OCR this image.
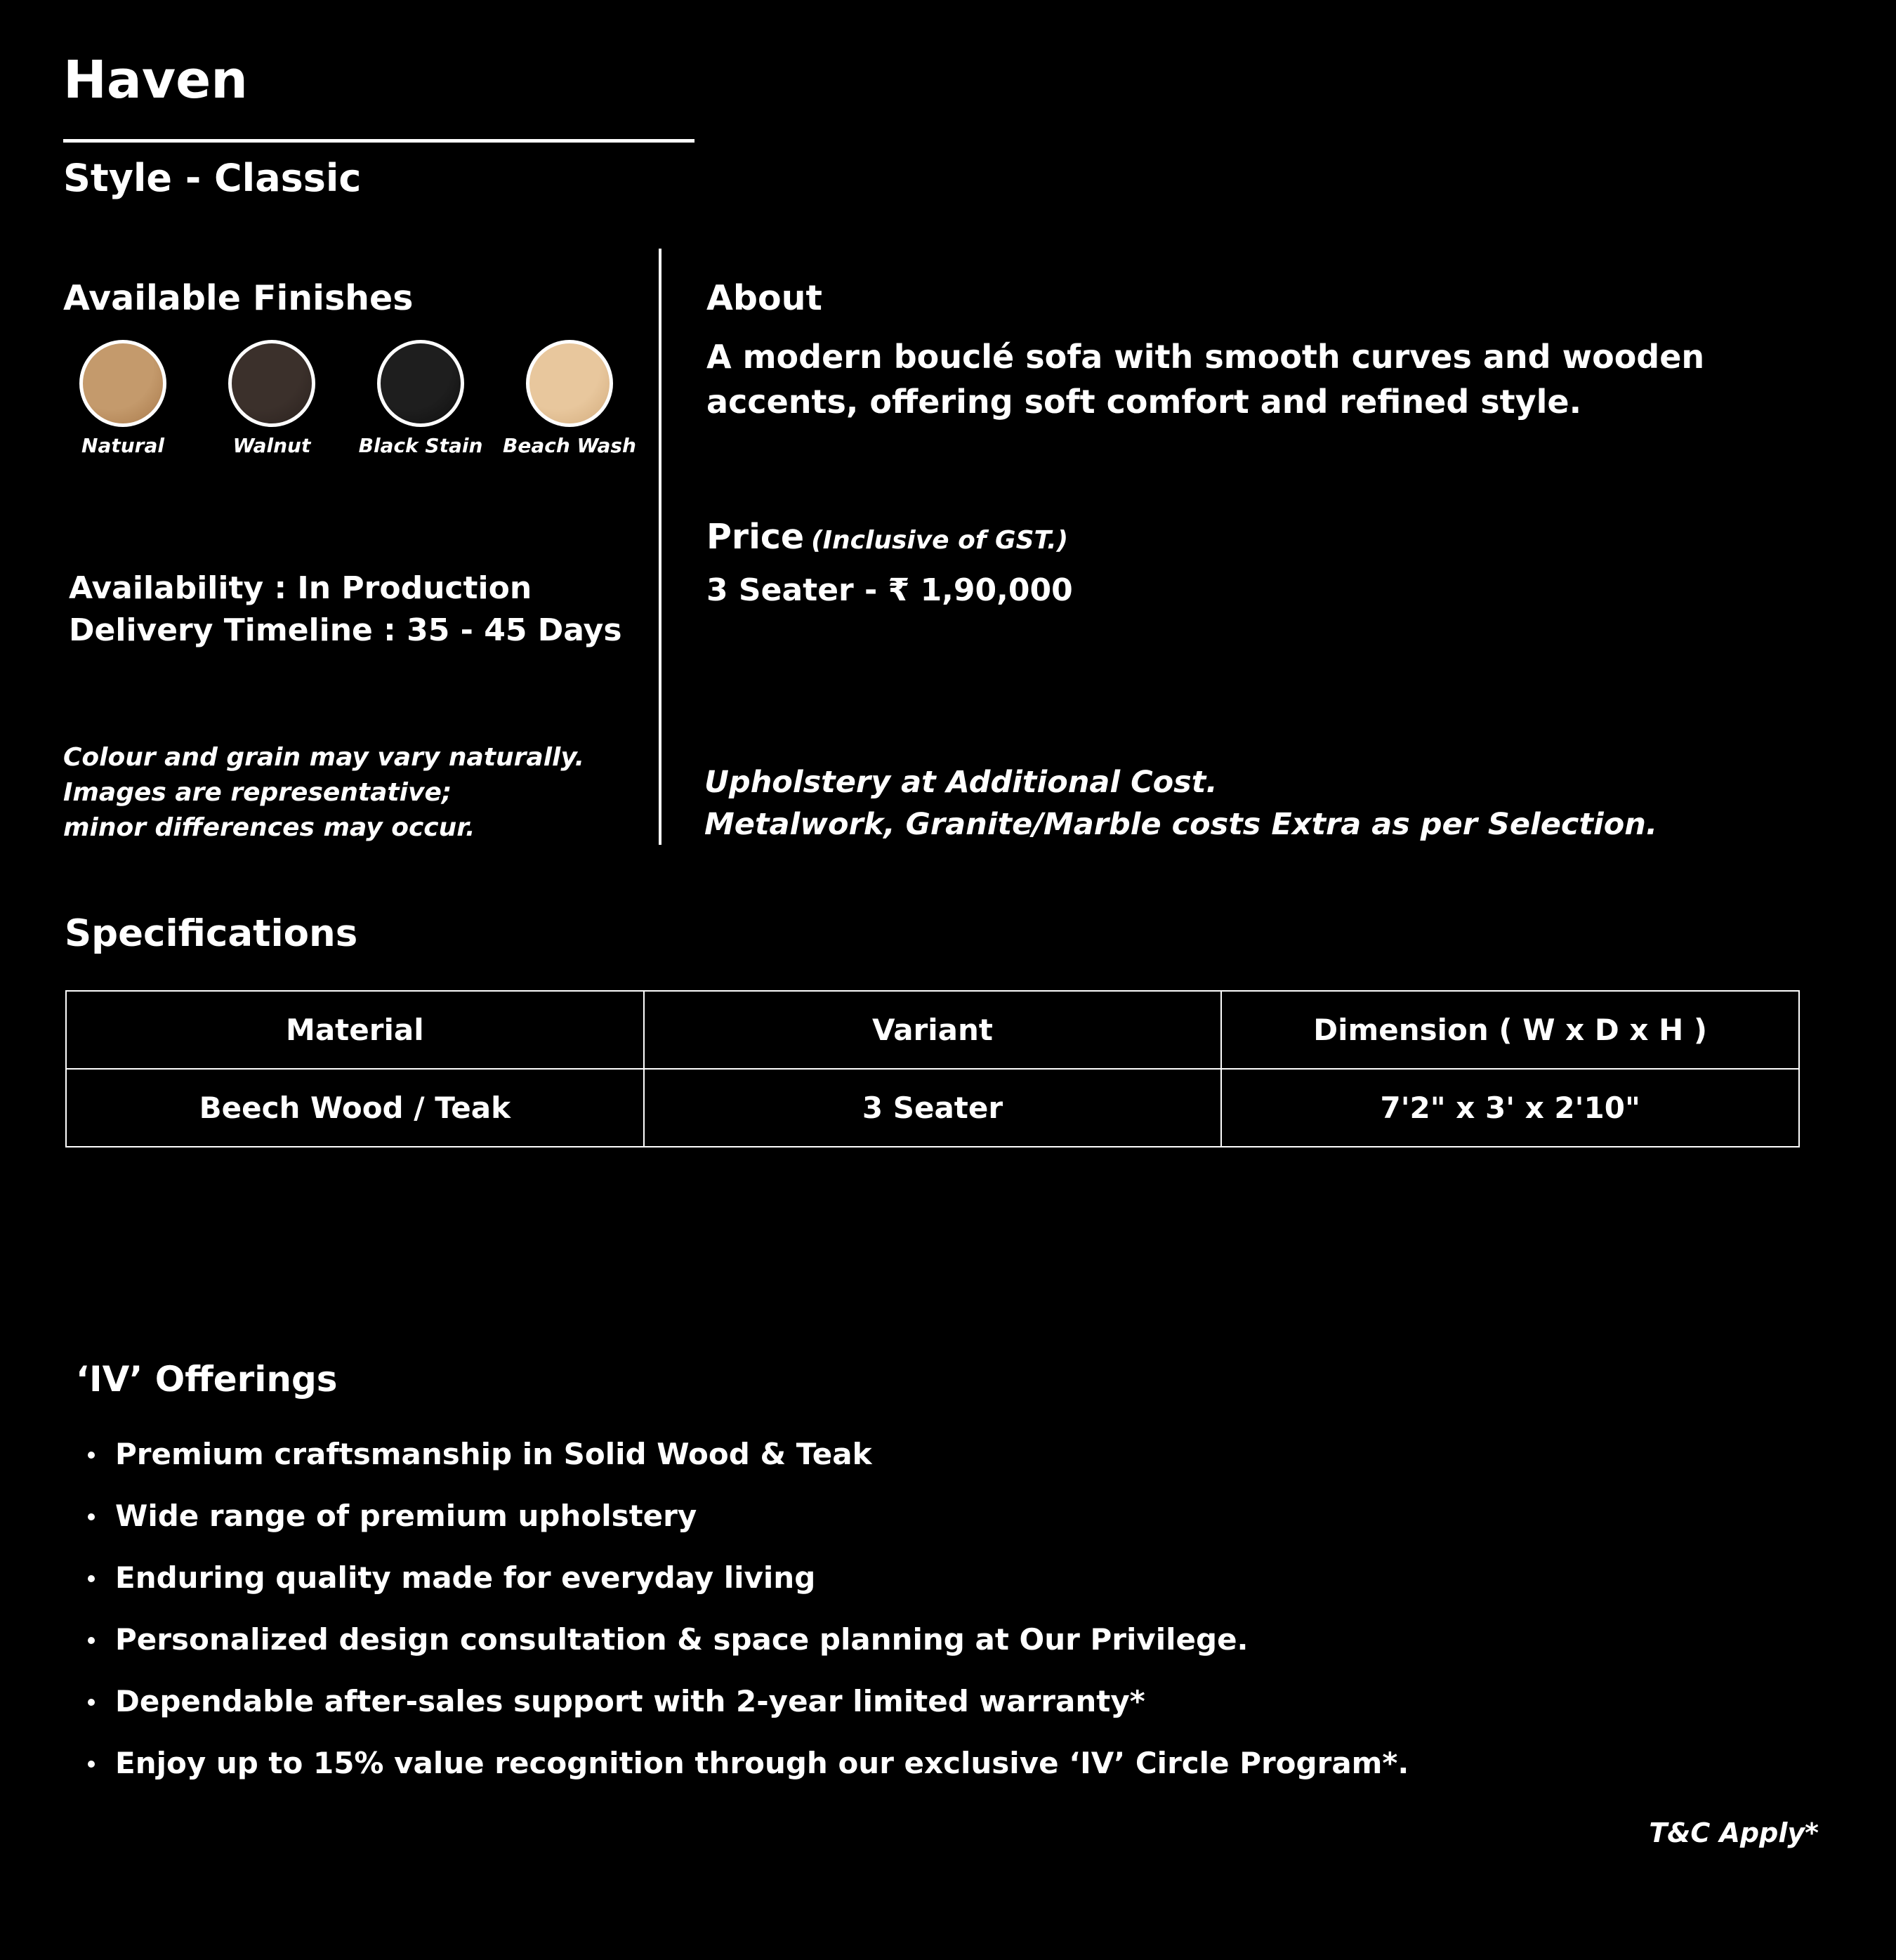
Haven
Style - Classic
Available Finishes
Natural	Walnut	Black Stain	Beach Wash
Availability : In Production
Delivery Timeline : 35 - 45 Days
Colour and grain may vary naturally.
Images are representative;
minor differences may occur.
About
A modern bouclé sofa with smooth curves and wooden accents, offering soft comfort and refined style.
Price (Inclusive of GST.)
3 Seater - ₹ 1,90,000
Upholstery at Additional Cost.
Metalwork, Granite/Marble costs Extra as per Selection.
Specifications
Material	Variant	Dimension ( W x D x H )
Beech Wood / Teak	3 Seater	7'2" x 3' x 2'10"
‘IV’ Offerings
Premium craftsmanship in Solid Wood & Teak
Wide range of premium upholstery
Enduring quality made for everyday living
Personalized design consultation & space planning at Our Privilege.
Dependable after-sales support with 2-year limited warranty*
Enjoy up to 15% value recognition through our exclusive ‘IV’ Circle Program*.
T&C Apply*
